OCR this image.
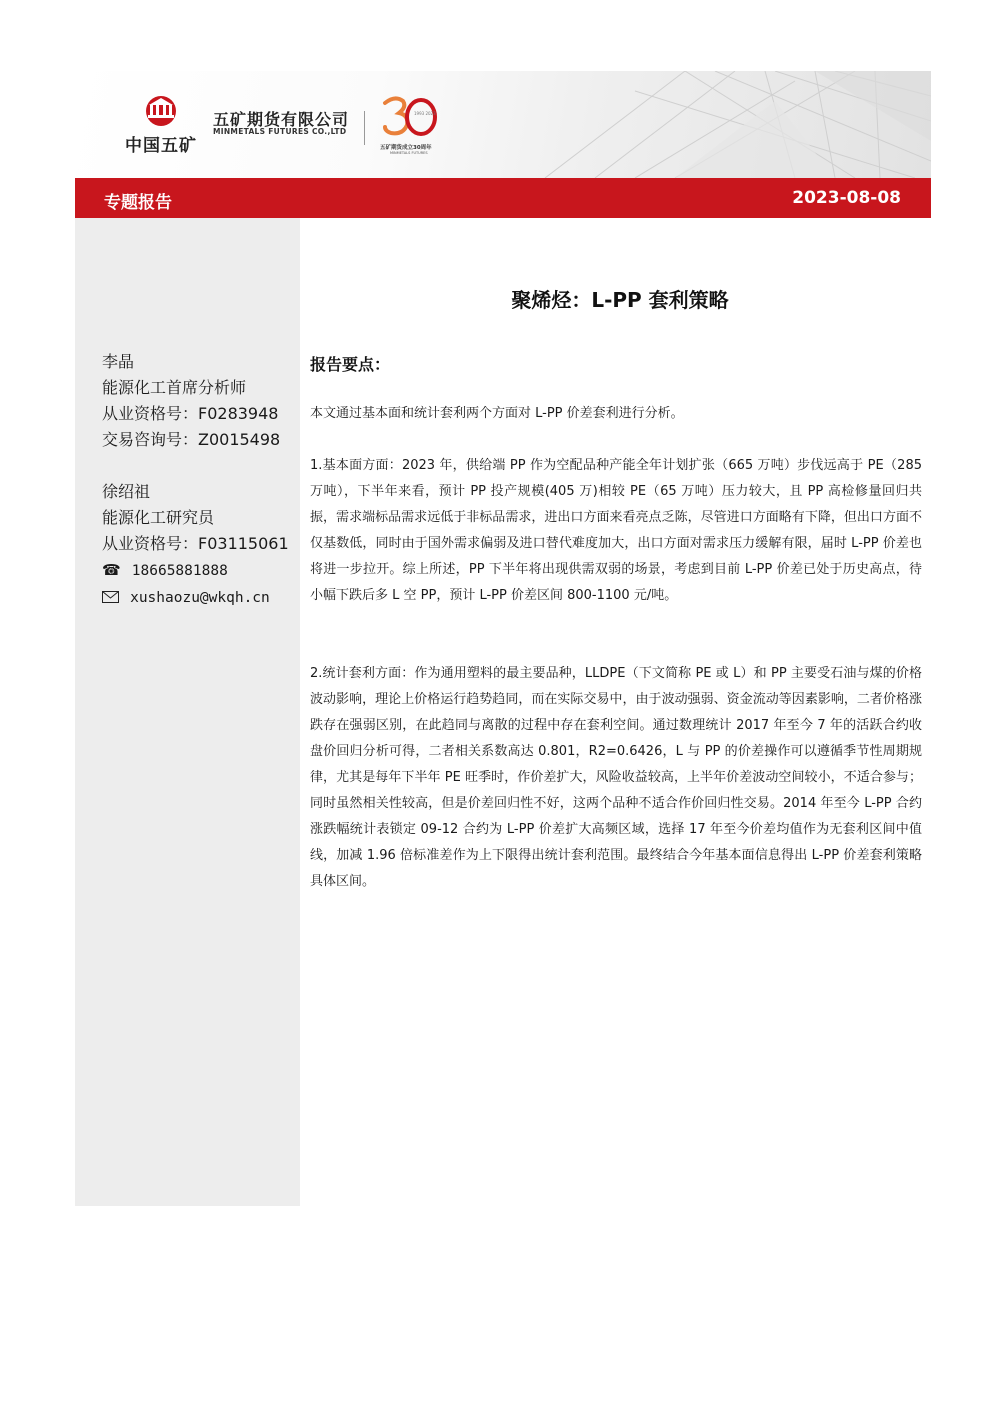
中国五矿
五矿期货有限公司
MINMETALS FUTURES CO.,LTD
1993 2023
五矿期货成立30周年
MINMETALS FUTURES
专题报告	2023-08-08
李晶
能源化工首席分析师
从业资格号：F0283948
交易咨询号：Z0015498
徐绍祖
能源化工研究员
从业资格号：F03115061
☎ 18665881888
xushaozu@wkqh.cn
聚烯烃：L-PP 套利策略
报告要点：
本文通过基本面和统计套利两个方面对 L-PP 价差套利进行分析。
1.基本面方面：2023 年，供给端 PP 作为空配品种产能全年计划扩张（665 万吨）步伐远高于 PE（285 万吨），下半年来看，预计 PP 投产规模(405 万)相较 PE（65 万吨）压力较大，且 PP 高检修量回归共振，需求端标品需求远低于非标品需求，进出口方面来看亮点乏陈，尽管进口方面略有下降，但出口方面不仅基数低，同时由于国外需求偏弱及进口替代难度加大，出口方面对需求压力缓解有限，届时 L-PP 价差也将进一步拉开。综上所述，PP 下半年将出现供需双弱的场景，考虑到目前 L-PP 价差已处于历史高点，待小幅下跌后多 L 空 PP，预计 L-PP 价差区间 800-1100 元/吨。
2.统计套利方面：作为通用塑料的最主要品种，LLDPE（下文简称 PE 或 L）和 PP 主要受石油与煤的价格波动影响，理论上价格运行趋势趋同，而在实际交易中，由于波动强弱、资金流动等因素影响，二者价格涨跌存在强弱区别，在此趋同与离散的过程中存在套利空间。通过数理统计 2017 年至今 7 年的活跃合约收盘价回归分析可得，二者相关系数高达 0.801，R2=0.6426，L 与 PP 的价差操作可以遵循季节性周期规律，尤其是每年下半年 PE 旺季时，作价差扩大，风险收益较高，上半年价差波动空间较小，不适合参与；同时虽然相关性较高，但是价差回归性不好，这两个品种不适合作价回归性交易。2014 年至今 L-PP 合约涨跌幅统计表锁定 09-12 合约为 L-PP 价差扩大高频区域，选择 17 年至今价差均值作为无套利区间中值线，加减 1.96 倍标准差作为上下限得出统计套利范围。最终结合今年基本面信息得出 L-PP 价差套利策略具体区间。
